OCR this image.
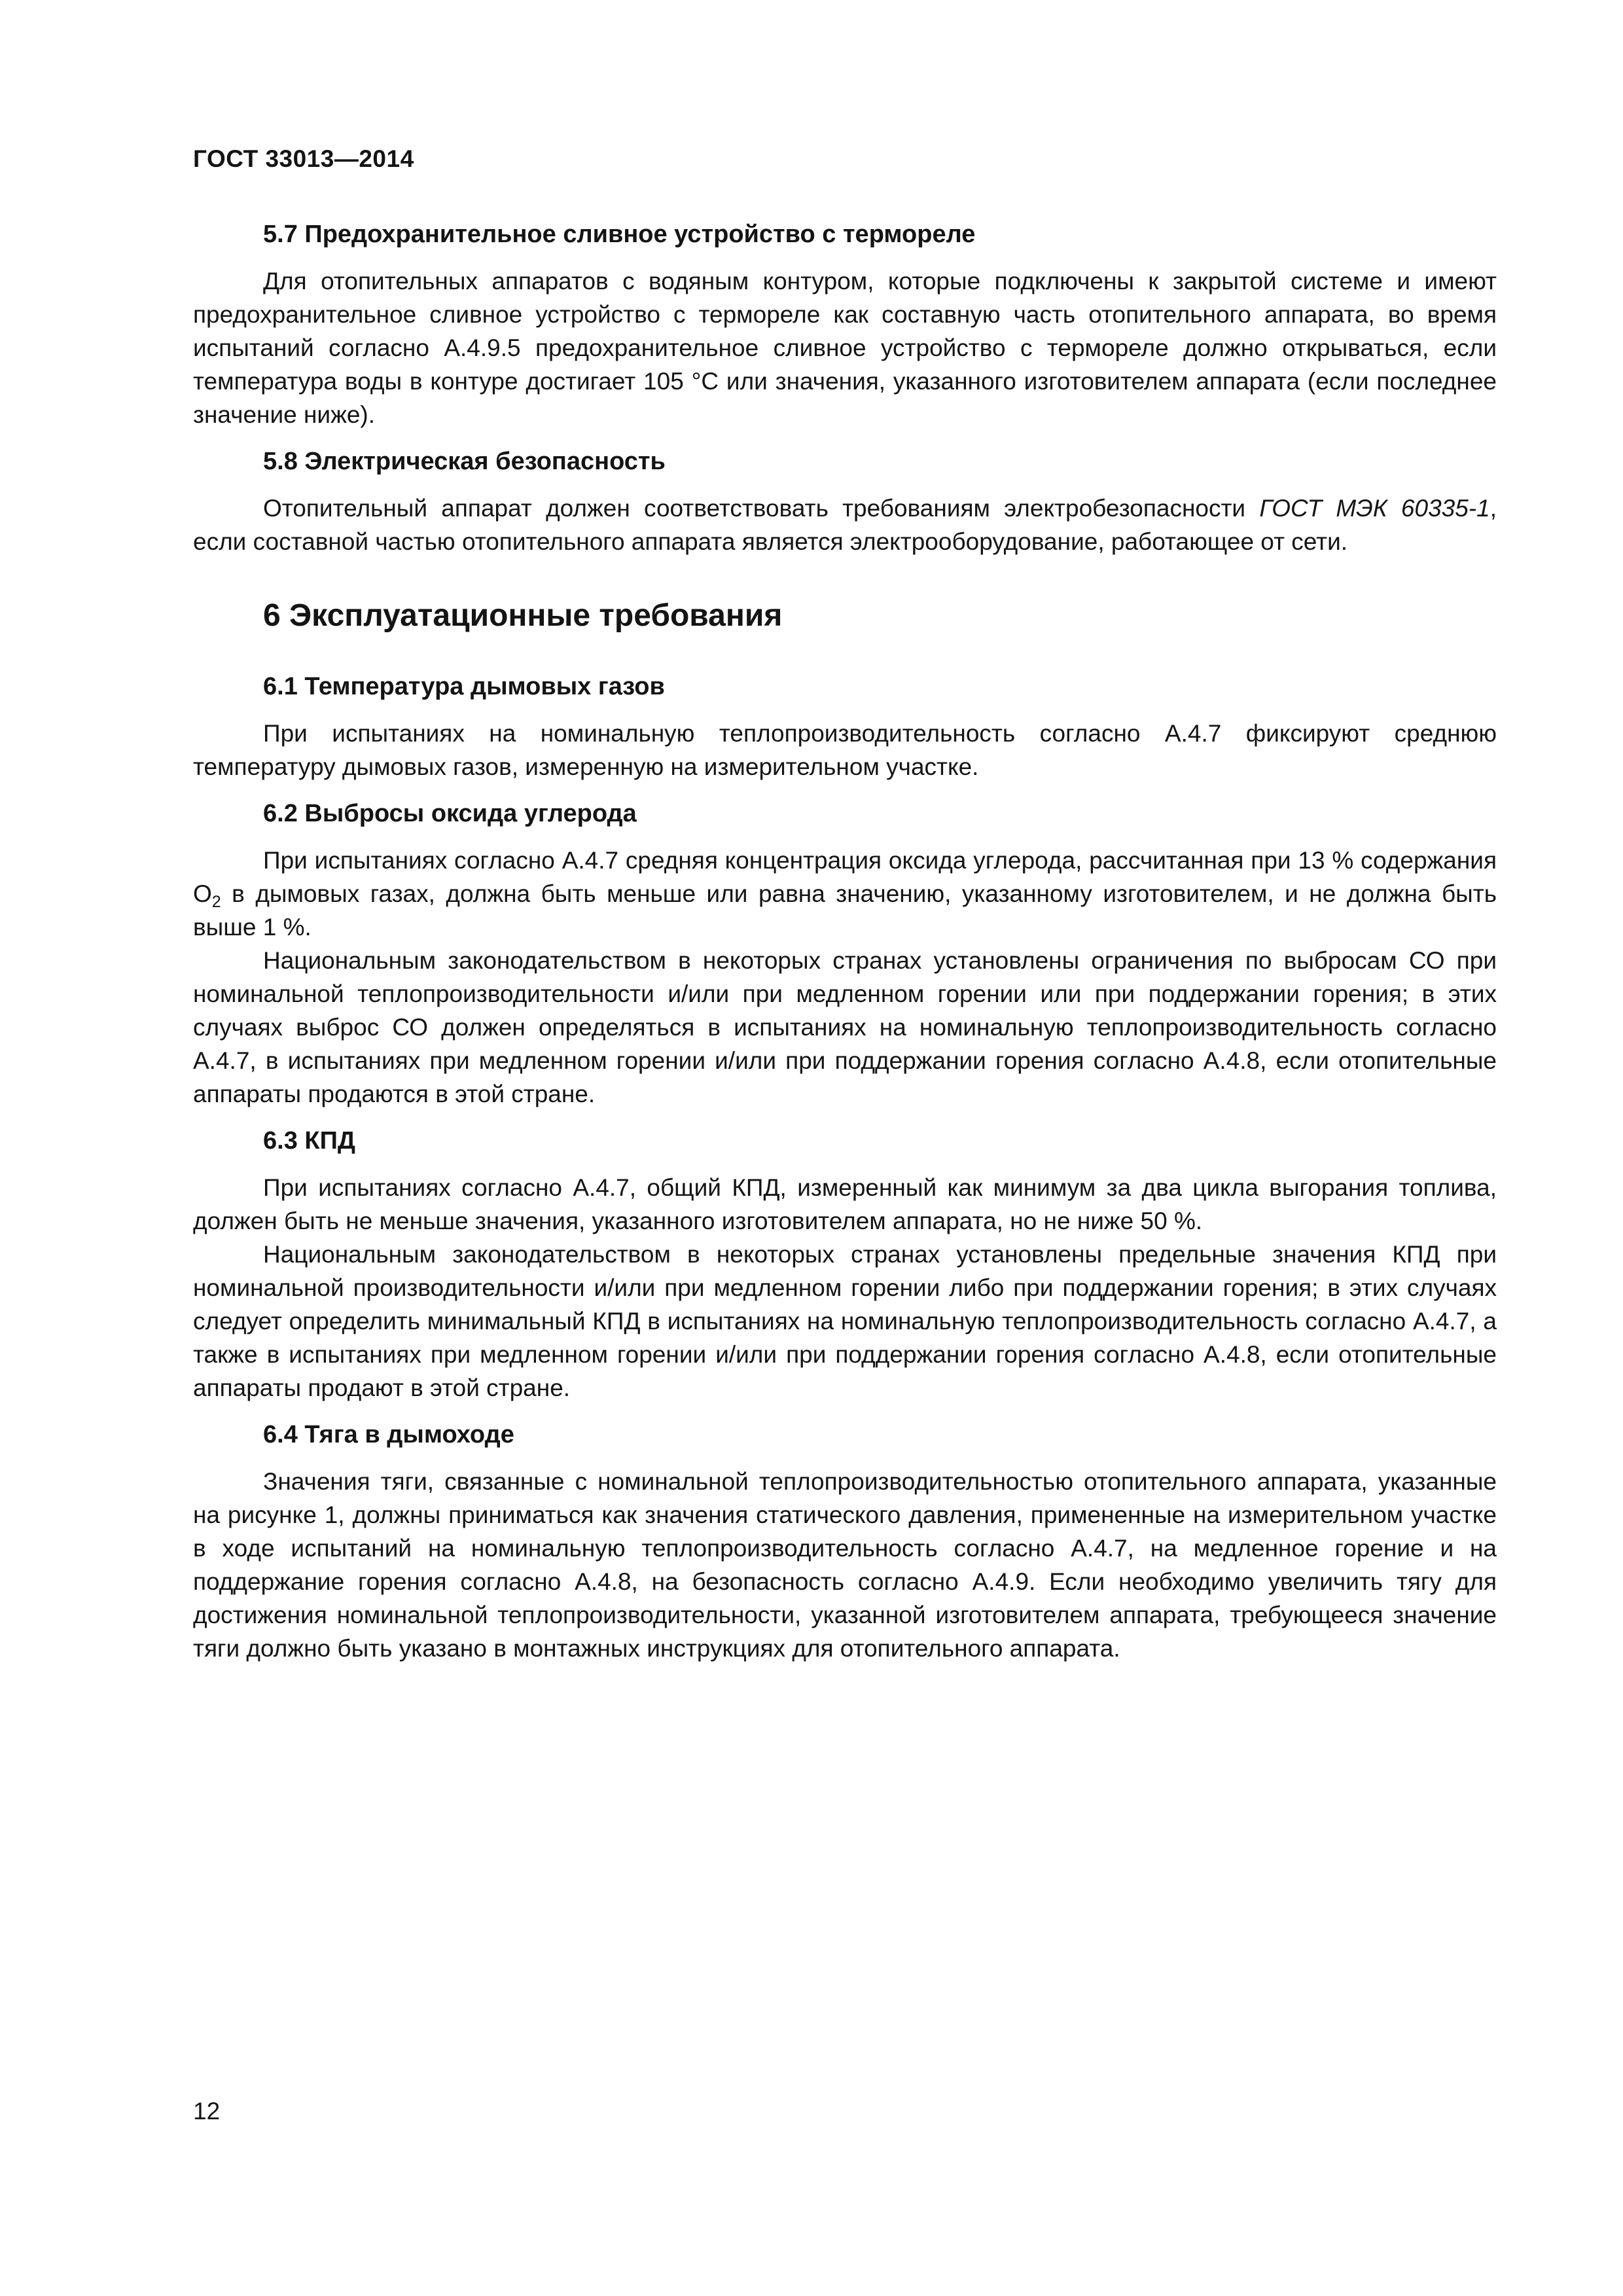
ГОСТ 33013—2014
5.7 Предохранительное сливное устройство с термореле

Для отопительных аппаратов с водяным контуром, которые подключены к закрытой системе и имеют предохранительное сливное устройство с термореле как составную часть отопительного аппарата, во время испытаний согласно А.4.9.5 предохранительное сливное устройство с термореле должно открываться, если температура воды в контуре достигает 105 °С или значения, указанного изготовителем аппарата (если последнее значение ниже).

5.8 Электрическая безопасность

Отопительный аппарат должен соответствовать требованиям электробезопасности ГОСТ МЭК 60335-1, если составной частью отопительного аппарата является электрооборудование, работающее от сети.

6 Эксплуатационные требования
6.1 Температура дымовых газов

При испытаниях на номинальную теплопроизводительность согласно А.4.7 фиксируют среднюю температуру дымовых газов, измеренную на измерительном участке.

6.2 Выбросы оксида углерода

При испытаниях согласно А.4.7 средняя концентрация оксида углерода, рассчитанная при 13 % содержания $О_2$ в дымовых газах, должна быть меньше или равна значению, указанному изготовителем, и не должна быть выше 1 %.

Национальным законодательством в некоторых странах установлены ограничения по выбросам СО при номинальной теплопроизводительности и/или при медленном горении или при поддержании горения; в этих случаях выброс СО должен определяться в испытаниях на номинальную теплопроизводительность согласно А.4.7, в испытаниях при медленном горении и/или при поддержании горения согласно А.4.8, если отопительные аппараты продаются в этой стране.

6.3 КПД

При испытаниях согласно А.4.7, общий КПД, измеренный как минимум за два цикла выгорания топлива, должен быть не меньше значения, указанного изготовителем аппарата, но не ниже 50 %.

Национальным законодательством в некоторых странах установлены предельные значения КПД при номинальной производительности и/или при медленном горении либо при поддержании горения; в этих случаях следует определить минимальный КПД в испытаниях на номинальную теплопроизводительность согласно А.4.7, а также в испытаниях при медленном горении и/или при поддержании горения согласно А.4.8, если отопительные аппараты продают в этой стране.

6.4 Тяга в дымоходе

Значения тяги, связанные с номинальной теплопроизводительностью отопительного аппарата, указанные на рисунке 1, должны приниматься как значения статического давления, примененные на измерительном участке в ходе испытаний на номинальную теплопроизводительность согласно А.4.7, на медленное горение и на поддержание горения согласно А.4.8, на безопасность согласно А.4.9. Если необходимо увеличить тягу для достижения номинальной теплопроизводительности, указанной изготовителем аппарата, требующееся значение тяги должно быть указано в монтажных инструкциях для отопительного аппарата.

12
